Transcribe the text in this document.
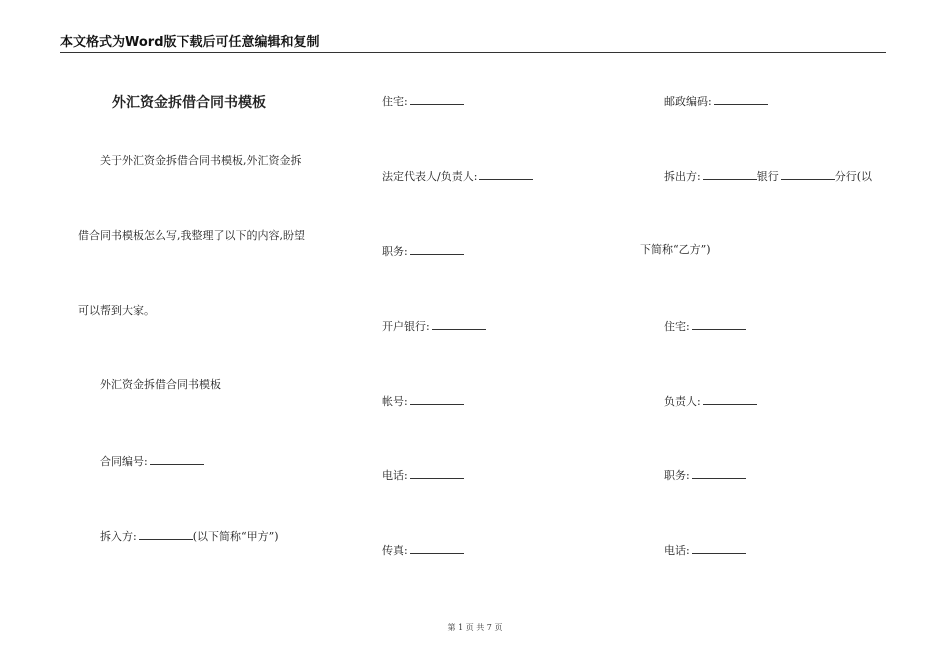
本文格式为Word版下载后可任意编辑和复制
外汇资金拆借合同书模板
关于外汇资金拆借合同书模板,外汇资金拆
借合同书模板怎么写,我整理了以下的内容,盼望
可以帮到大家。
外汇资金拆借合同书模板
合同编号:
拆入方:	(以下简称“甲方”)
住宅:
法定代表人/负责人:
职务:
开户银行:
帐号:
电话:
传真:
邮政编码:
拆出方:	银行	分行(以
下简称“乙方”)
住宅:
负责人:
职务:
电话:
第 1 页 共 7 页
